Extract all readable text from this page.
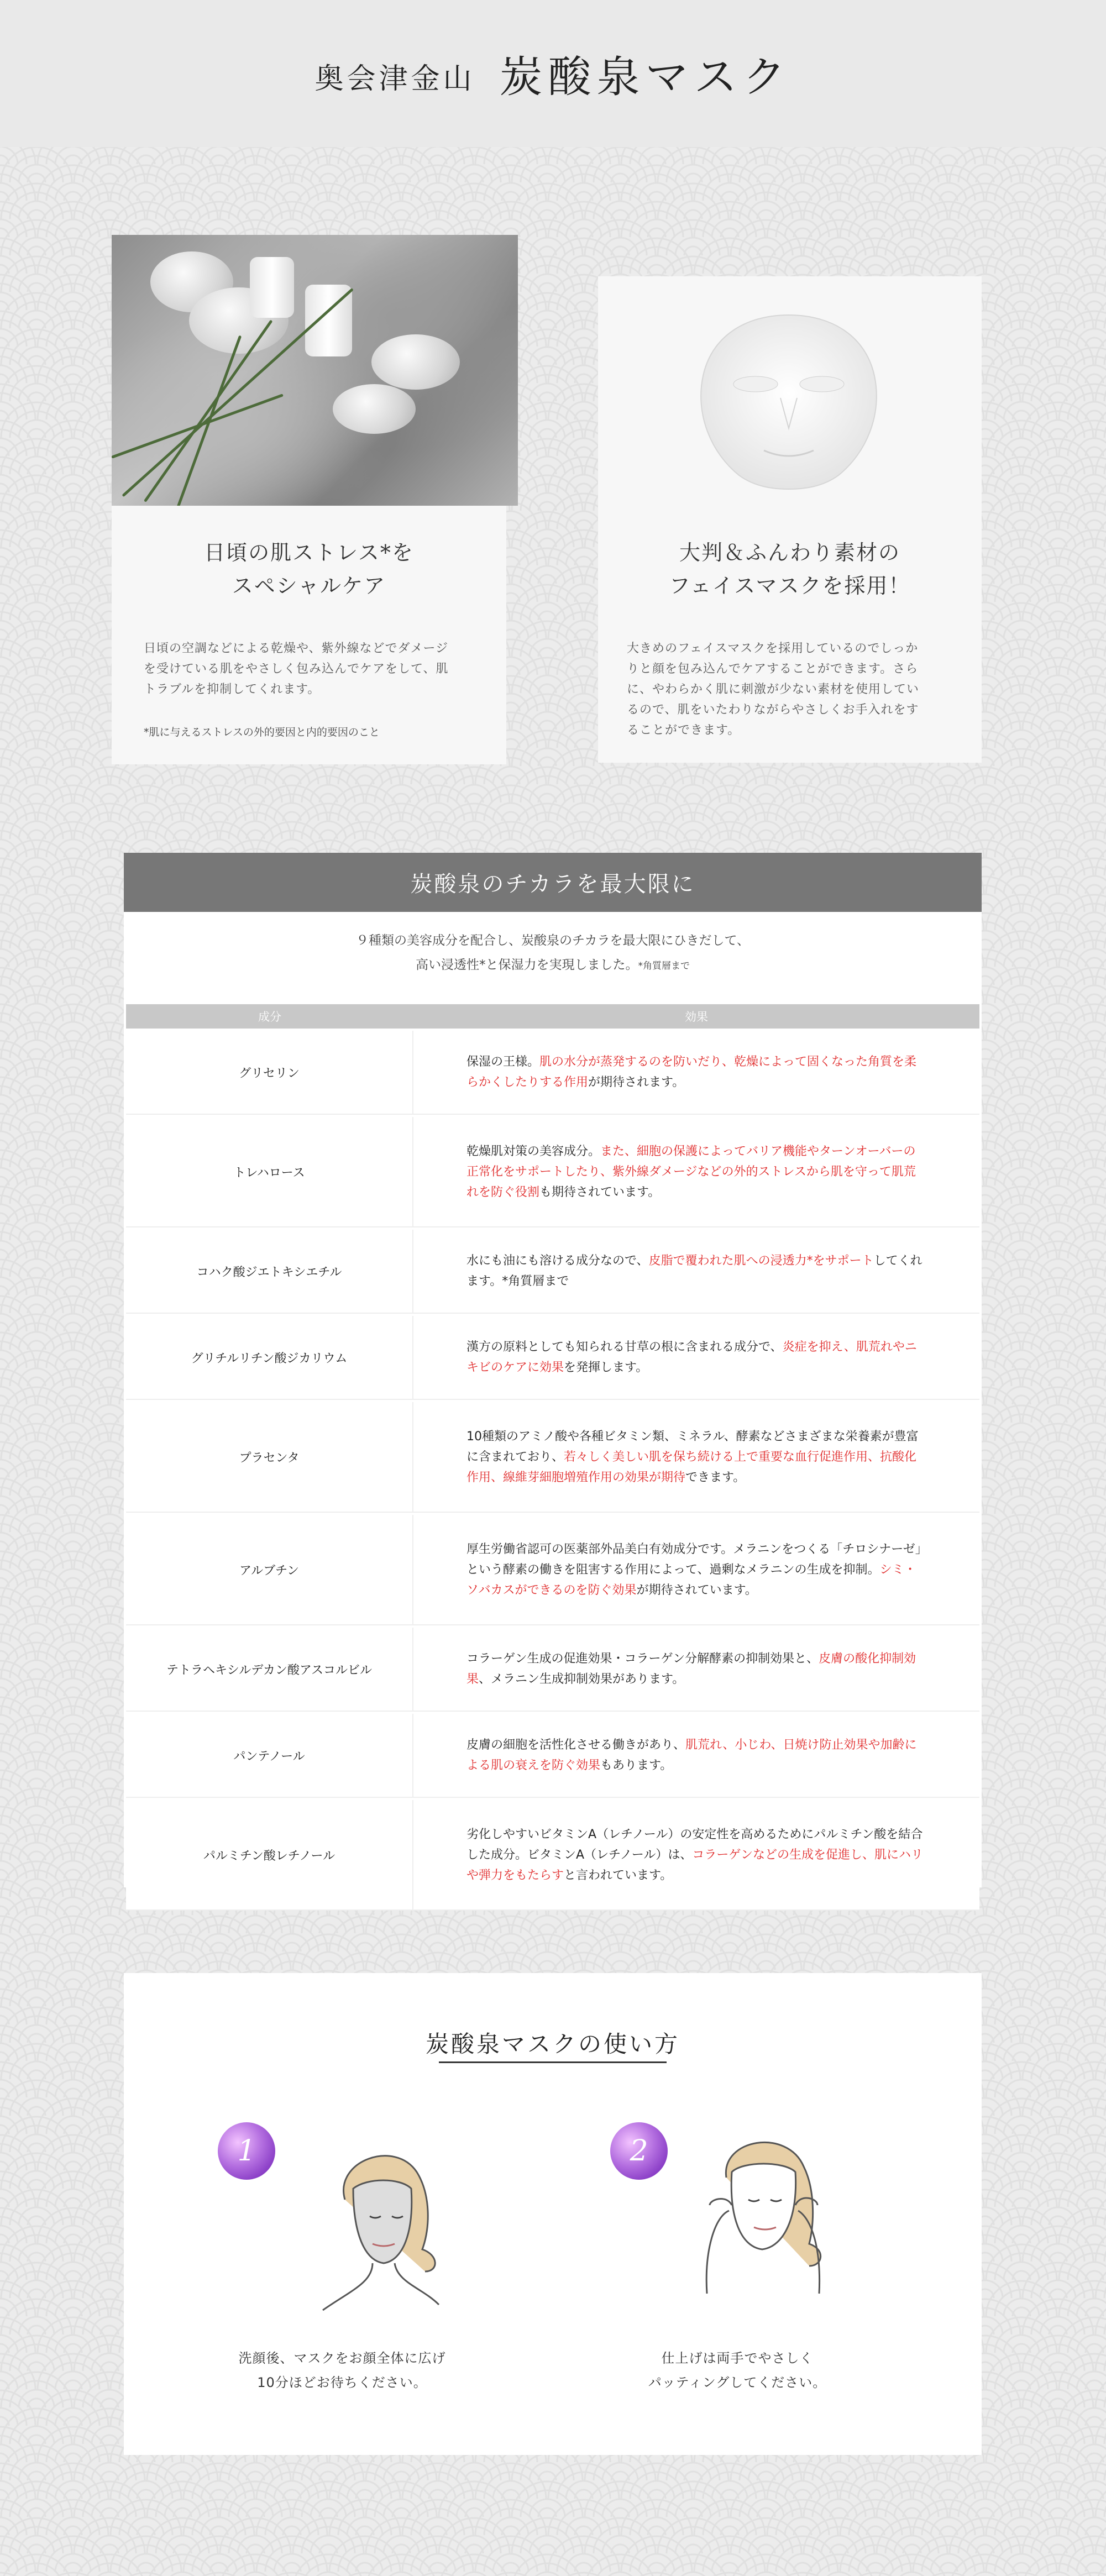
奥会津金山 炭酸泉マスク
日頃の肌ストレス*を
スペシャルケア
日頃の空調などによる乾燥や、紫外線などでダメージ
を受けている肌をやさしく包み込んでケアをして、肌
トラブルを抑制してくれます。
*肌に与えるストレスの外的要因と内的要因のこと
大判＆ふんわり素材の
フェイスマスクを採用！
大きめのフェイスマスクを採用しているのでしっか
りと顔を包み込んでケアすることができます。さら
に、やわらかく肌に刺激が少ない素材を使用してい
るので、肌をいたわりながらやさしくお手入れをす
ることができます。
炭酸泉のチカラを最大限に
９種類の美容成分を配合し、炭酸泉のチカラを最大限にひきだして、
高い浸透性*と保湿力を実現しました。*角質層まで
成分	効果
グリセリン	保湿の王様。肌の水分が蒸発するのを防いだり、乾燥によって固くなった角質を柔らかくしたりする作用が期待されます。
トレハロース	乾燥肌対策の美容成分。また、細胞の保護によってバリア機能やターンオーバーの正常化をサポートしたり、紫外線ダメージなどの外的ストレスから肌を守って肌荒れを防ぐ役割も期待されています。
コハク酸ジエトキシエチル	水にも油にも溶ける成分なので、皮脂で覆われた肌への浸透力*をサポートしてくれます。*角質層まで
グリチルリチン酸ジカリウム	漢方の原料としても知られる甘草の根に含まれる成分で、炎症を抑え、肌荒れやニキビのケアに効果を発揮します。
プラセンタ	10種類のアミノ酸や各種ビタミン類、ミネラル、酵素などさまざまな栄養素が豊富に含まれており、若々しく美しい肌を保ち続ける上で重要な血行促進作用、抗酸化作用、線維芽細胞増殖作用の効果が期待できます。
アルブチン	厚生労働省認可の医薬部外品美白有効成分です。メラニンをつくる「チロシナーゼ」という酵素の働きを阻害する作用によって、過剰なメラニンの生成を抑制。シミ・ソバカスができるのを防ぐ効果が期待されています。
テトラヘキシルデカン酸アスコルビル	コラーゲン生成の促進効果・コラーゲン分解酵素の抑制効果と、皮膚の酸化抑制効果、メラニン生成抑制効果があります。
パンテノール	皮膚の細胞を活性化させる働きがあり、肌荒れ、小じわ、日焼け防止効果や加齢による肌の衰えを防ぐ効果もあります。
パルミチン酸レチノール	劣化しやすいビタミンA（レチノール）の安定性を高めるためにパルミチン酸を結合した成分。ビタミンA（レチノール）は、コラーゲンなどの生成を促進し、肌にハリや弾力をもたらすと言われています。
炭酸泉マスクの使い方
1
洗顔後、マスクをお顔全体に広げ
10分ほどお待ちください。
2
仕上げは両手でやさしく
パッティングしてください。
